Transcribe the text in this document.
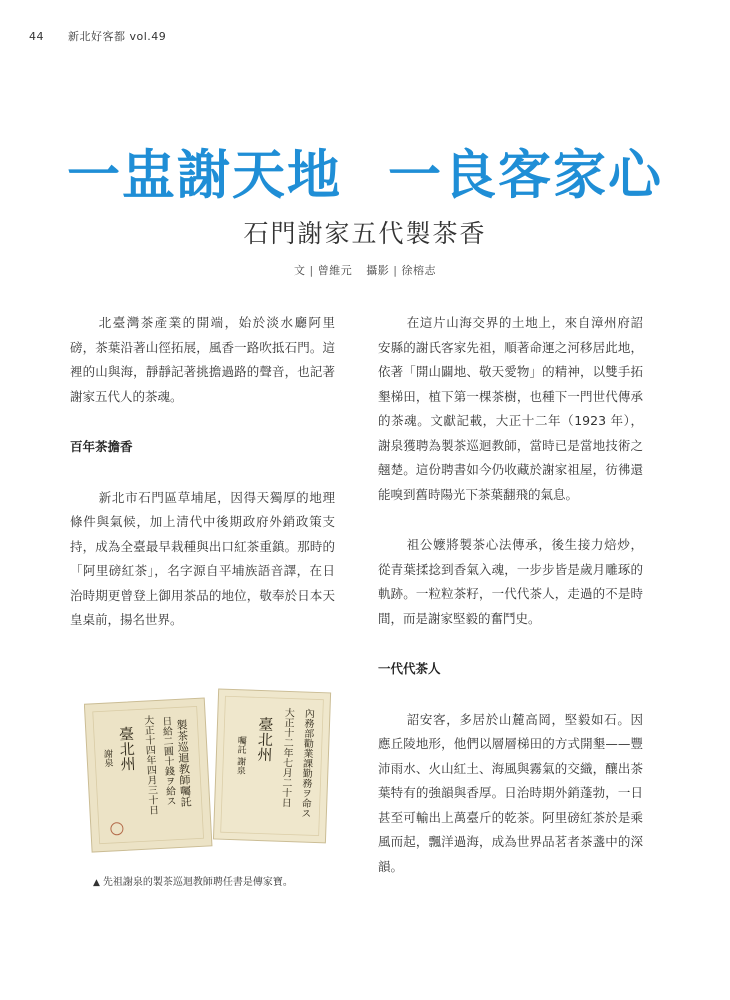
44 新北好客都 vol.49
一盅謝天地 一良客家心
石門謝家五代製茶香
文 | 曾維元 攝影 | 徐榕志

北臺灣茶產業的開端，始於淡水廳阿里磅，茶葉沿著山徑拓展，風香一路吹抵石門。這裡的山與海，靜靜記著挑擔過路的聲音，也記著謝家五代人的茶魂。

百年茶擔香

新北市石門區草埔尾，因得天獨厚的地理條件與氣候，加上清代中後期政府外銷政策支持，成為全臺最早栽種與出口紅茶重鎮。那時的「阿里磅紅茶」，名字源自平埔族語音譯，在日治時期更曾登上御用茶品的地位，敬奉於日本天皇桌前，揚名世界。

製茶巡迴教師囑託
日給二圓十錢ヲ給ス
大正十四年四月三十日
臺北州
謝泉	內務部勸業課勤務ヲ命ス
大正十二年七月二十日
臺北州
囑託 謝泉
▲ 先祖謝泉的製茶巡迴教師聘任書是傳家寶。

在這片山海交界的土地上，來自漳州府詔安縣的謝氏客家先祖，順著命運之河移居此地，依著「開山闢地、敬天愛物」的精神，以雙手拓墾梯田，植下第一棵茶樹，也種下一門世代傳承的茶魂。文獻記載，大正十二年（1923 年），謝泉獲聘為製茶巡迴教師，當時已是當地技術之翹楚。這份聘書如今仍收藏於謝家祖屋，彷彿還能嗅到舊時陽光下茶葉翻飛的氣息。

祖公嬤將製茶心法傳承，後生接力焙炒，從青葉揉捻到香氣入魂，一步步皆是歲月雕琢的軌跡。一粒粒茶籽，一代代茶人，走過的不是時間，而是謝家堅毅的奮鬥史。

一代代茶人

詔安客，多居於山麓高岡，堅毅如石。因應丘陵地形，他們以層層梯田的方式開墾——豐沛雨水、火山紅土、海風與霧氣的交織，釀出茶葉特有的強韻與香厚。日治時期外銷蓬勃，一日甚至可輸出上萬臺斤的乾茶。阿里磅紅茶於是乘風而起，飄洋過海，成為世界品茗者茶盞中的深韻。
